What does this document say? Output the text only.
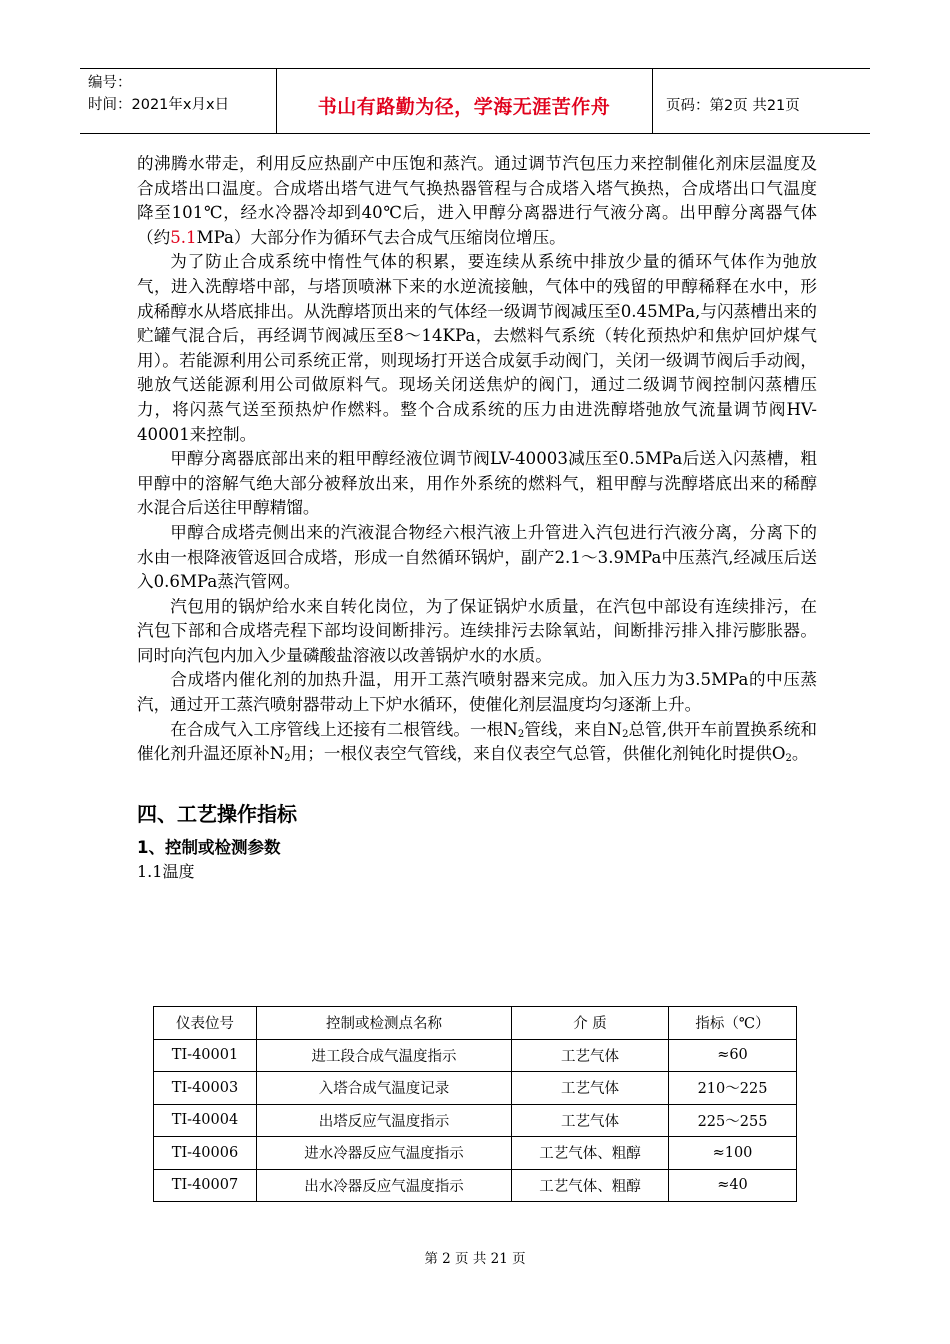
编号：
时间：2021年x月x日	书山有路勤为径，学海无涯苦作舟	页码：第2页 共21页

的沸腾水带走，利用反应热副产中压饱和蒸汽。通过调节汽包压力来控制催化剂床层温度及合成塔出口温度。合成塔出塔气进气气换热器管程与合成塔入塔气换热，合成塔出口气温度降至101℃，经水冷器冷却到40℃后，进入甲醇分离器进行气液分离。出甲醇分离器气体（约5.1MPa）大部分作为循环气去合成气压缩岗位增压。

为了防止合成系统中惰性气体的积累，要连续从系统中排放少量的循环气体作为弛放气，进入洗醇塔中部，与塔顶喷淋下来的水逆流接触，气体中的残留的甲醇稀释在水中，形成稀醇水从塔底排出。从洗醇塔顶出来的气体经一级调节阀减压至0.45MPa,与闪蒸槽出来的贮罐气混合后，再经调节阀减压至8～14KPa，去燃料气系统（转化预热炉和焦炉回炉煤气用）。若能源利用公司系统正常，则现场打开送合成氨手动阀门，关闭一级调节阀后手动阀，驰放气送能源利用公司做原料气。现场关闭送焦炉的阀门，通过二级调节阀控制闪蒸槽压力，将闪蒸气送至预热炉作燃料。整个合成系统的压力由进洗醇塔弛放气流量调节阀HV-40001来控制。

甲醇分离器底部出来的粗甲醇经液位调节阀LV-40003减压至0.5MPa后送入闪蒸槽，粗甲醇中的溶解气绝大部分被释放出来，用作外系统的燃料气，粗甲醇与洗醇塔底出来的稀醇水混合后送往甲醇精馏。

甲醇合成塔壳侧出来的汽液混合物经六根汽液上升管进入汽包进行汽液分离，分离下的水由一根降液管返回合成塔，形成一自然循环锅炉，副产2.1～3.9MPa中压蒸汽,经减压后送入0.6MPa蒸汽管网。

汽包用的锅炉给水来自转化岗位，为了保证锅炉水质量，在汽包中部设有连续排污，在汽包下部和合成塔壳程下部均设间断排污。连续排污去除氧站，间断排污排入排污膨胀器。同时向汽包内加入少量磷酸盐溶液以改善锅炉水的水质。

合成塔内催化剂的加热升温，用开工蒸汽喷射器来完成。加入压力为3.5MPa的中压蒸汽，通过开工蒸汽喷射器带动上下炉水循环，使催化剂层温度均匀逐渐上升。

在合成气入工序管线上还接有二根管线。一根$N_2$管线，来自$N_2$总管,供开车前置换系统和催化剂升温还原补$N_2$用；一根仪表空气管线，来自仪表空气总管，供催化剂钝化时提供$O_2$。

四、工艺操作指标
1、控制或检测参数
1.1温度
仪表位号	控制或检测点名称	介 质	指标（℃）
TI-40001	进工段合成气温度指示	工艺气体	≈60
TI-40003	入塔合成气温度记录	工艺气体	210～225
TI-40004	出塔反应气温度指示	工艺气体	225～255
TI-40006	进水冷器反应气温度指示	工艺气体、粗醇	≈100
TI-40007	出水冷器反应气温度指示	工艺气体、粗醇	≈40
第 2 页 共 21 页
